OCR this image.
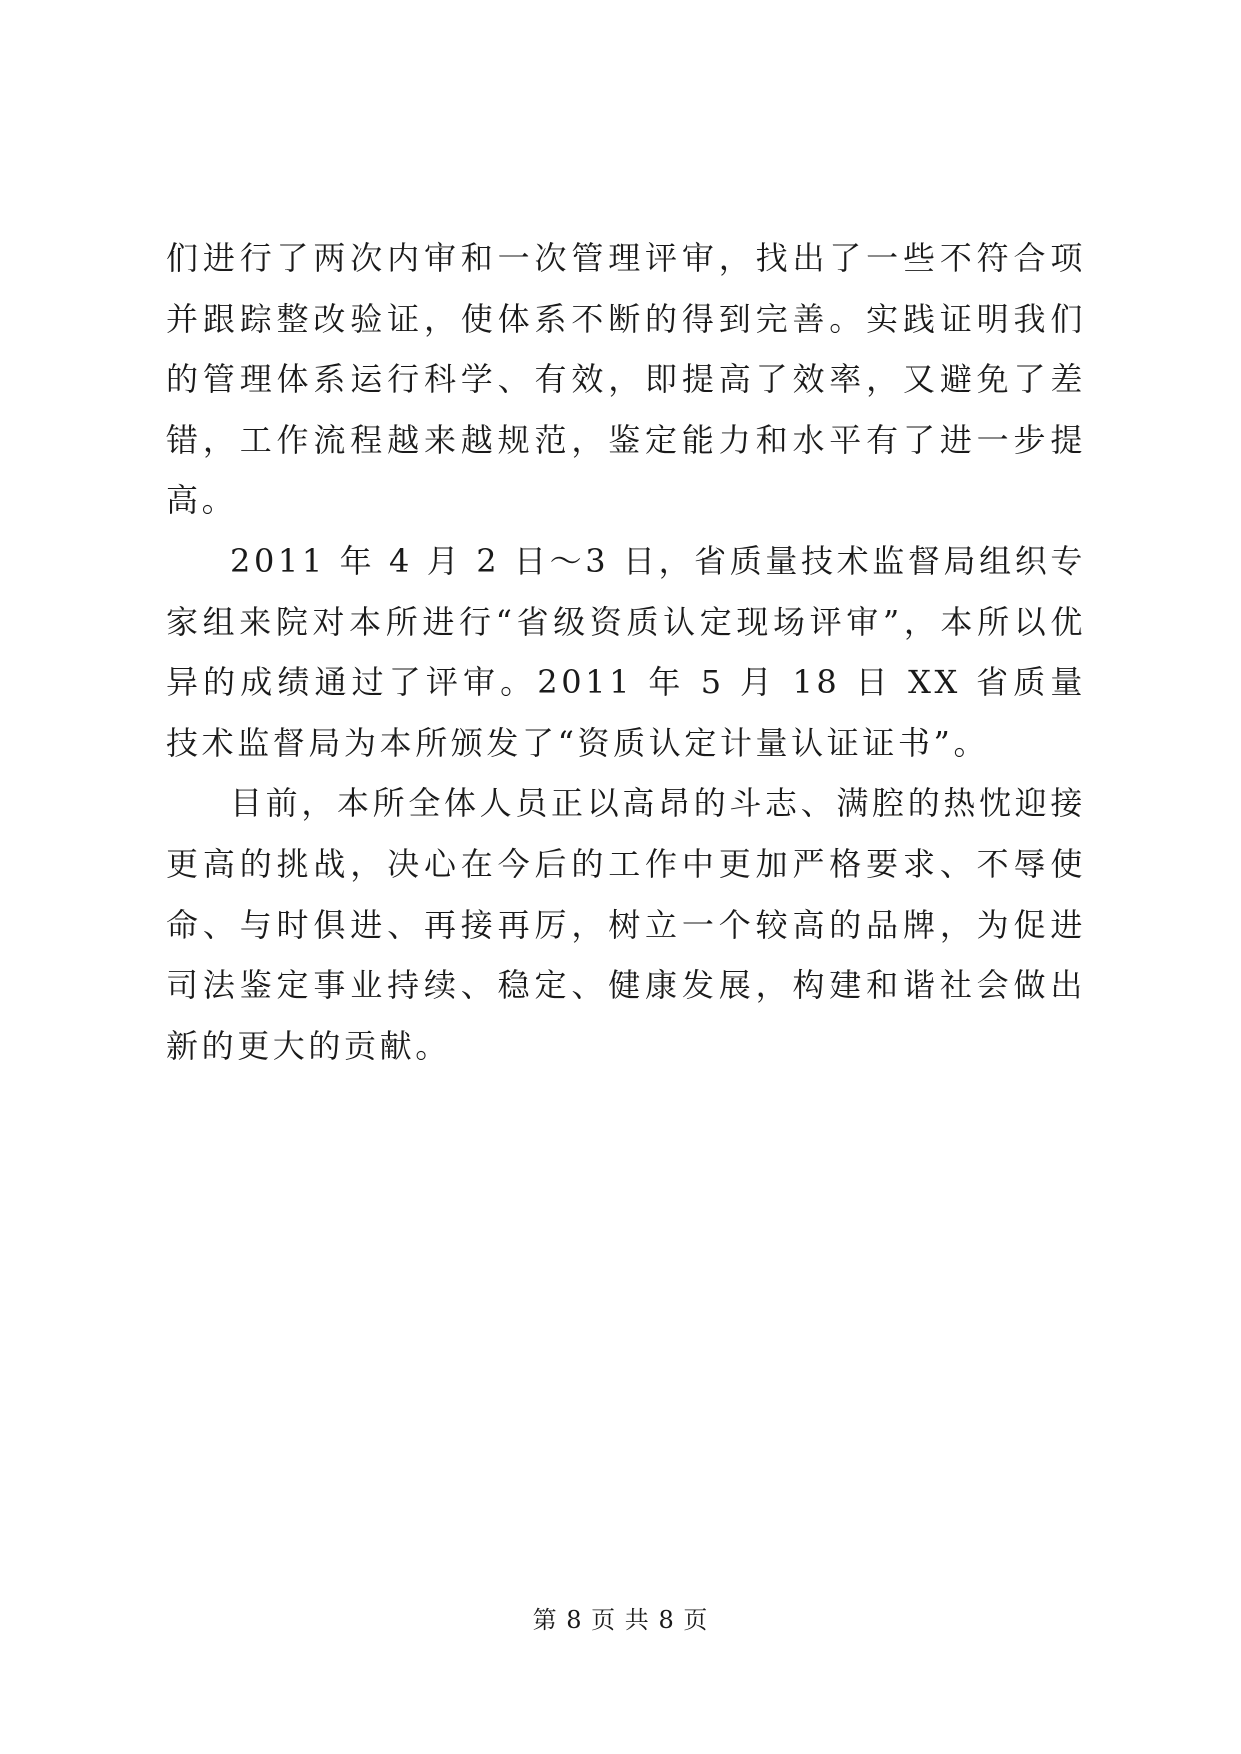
们进行了两次内审和一次管理评审，找出了一些不符合项并跟踪整改验证，使体系不断的得到完善。实践证明我们的管理体系运行科学、有效，即提高了效率，又避免了差错，工作流程越来越规范，鉴定能力和水平有了进一步提高。

2011 年 4 月 2 日～3 日，省质量技术监督局组织专家组来院对本所进行“省级资质认定现场评审”，本所以优异的成绩通过了评审。2011 年 5 月 18 日 XX 省质量技术监督局为本所颁发了“资质认定计量认证证书”。

目前，本所全体人员正以高昂的斗志、满腔的热忱迎接更高的挑战，决心在今后的工作中更加严格要求、不辱使命、与时俱进、再接再厉，树立一个较高的品牌，为促进司法鉴定事业持续、稳定、健康发展，构建和谐社会做出新的更大的贡献。

第 8 页 共 8 页
